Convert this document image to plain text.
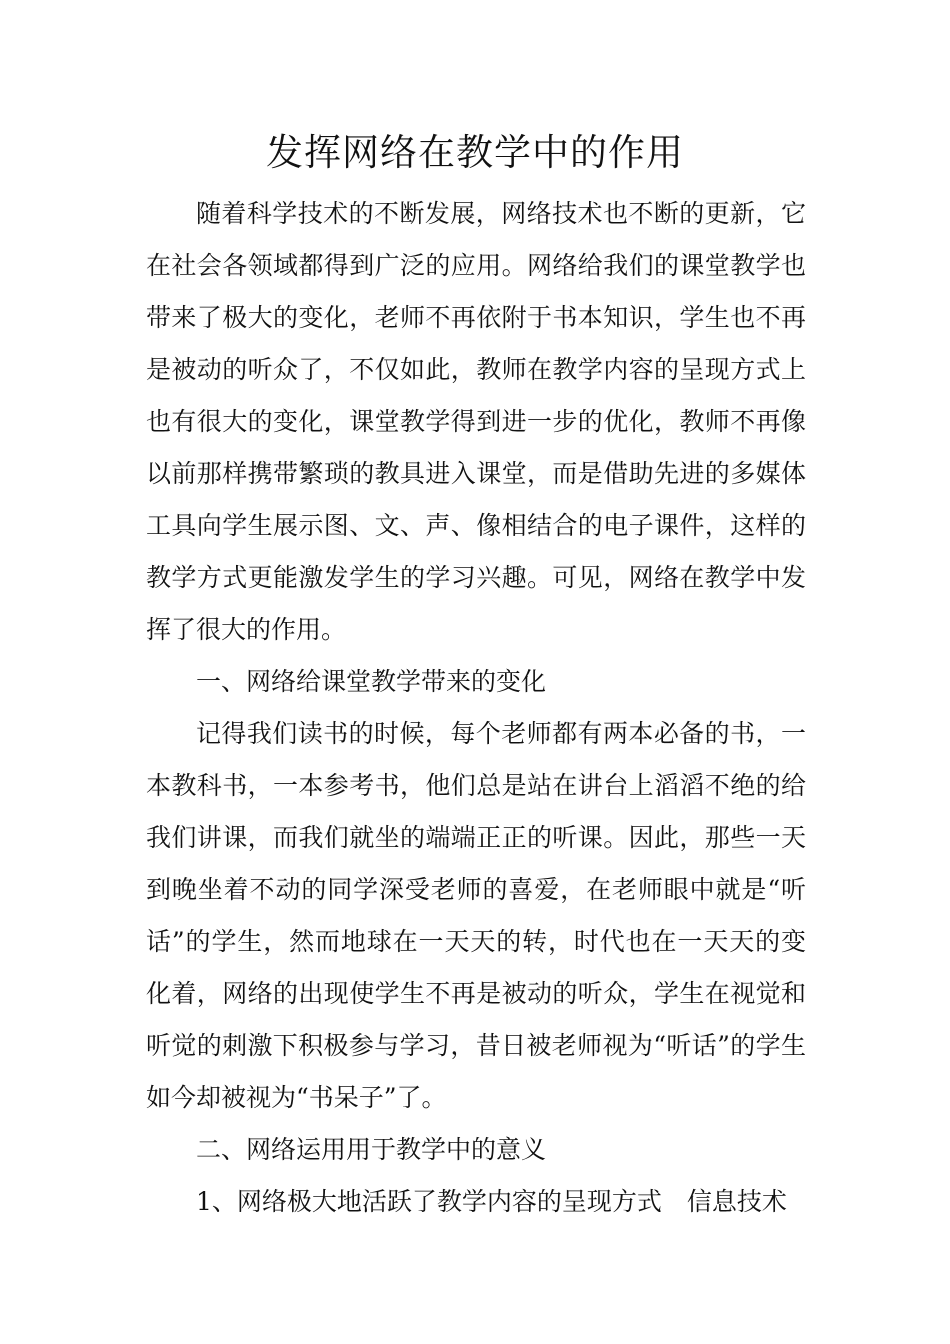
发挥网络在教学中的作用

随着科学技术的不断发展，网络技术也不断的更新，它在社会各领域都得到广泛的应用。网络给我们的课堂教学也带来了极大的变化，老师不再依附于书本知识，学生也不再是被动的听众了，不仅如此，教师在教学内容的呈现方式上也有很大的变化，课堂教学得到进一步的优化，教师不再像以前那样携带繁琐的教具进入课堂，而是借助先进的多媒体工具向学生展示图、文、声、像相结合的电子课件，这样的教学方式更能激发学生的学习兴趣。可见，网络在教学中发挥了很大的作用。

一、网络给课堂教学带来的变化

记得我们读书的时候，每个老师都有两本必备的书，一本教科书，一本参考书，他们总是站在讲台上滔滔不绝的给我们讲课，而我们就坐的端端正正的听课。因此，那些一天到晚坐着不动的同学深受老师的喜爱，在老师眼中就是“听话”的学生，然而地球在一天天的转，时代也在一天天的变化着，网络的出现使学生不再是被动的听众，学生在视觉和听觉的刺激下积极参与学习，昔日被老师视为“听话”的学生如今却被视为“书呆子”了。

二、网络运用用于教学中的意义

1、网络极大地活跃了教学内容的呈现方式　信息技术
